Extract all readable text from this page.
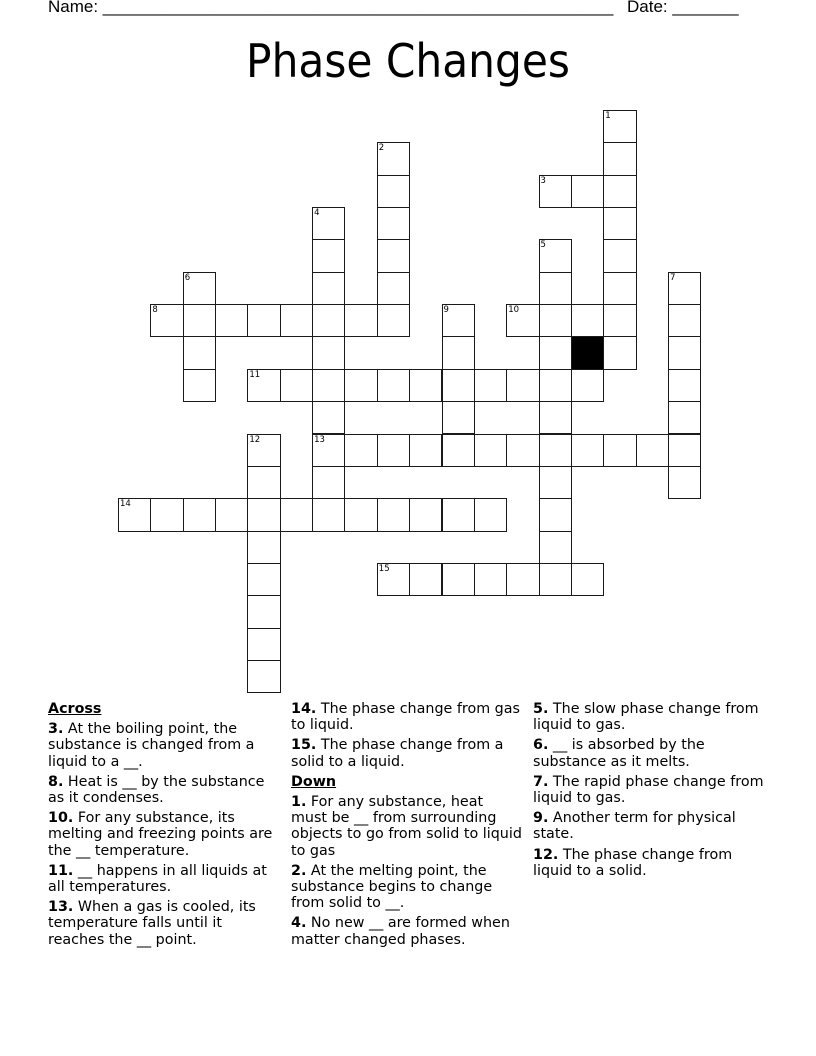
Name: ______________________________________________________

Date: _______

Phase Changes
1
2
3
4
13
5
6	7
8	9	10
11
12
14
15
Across
3. At the boiling point, the substance is changed from a liquid to a __.
8. Heat is __ by the substance as it condenses.
10. For any substance, its melting and freezing points are the __ temperature.
11. __ happens in all liquids at all temperatures.
13. When a gas is cooled, its temperature falls until it reaches the __ point.
14. The phase change from gas to liquid.
15. The phase change from a solid to a liquid.
Down
1. For any substance, heat must be __ from surrounding objects to go from solid to liquid to gas
2. At the melting point, the substance begins to change from solid to __.
4. No new __ are formed when matter changed phases.
5. The slow phase change from liquid to gas.
6. __ is absorbed by the substance as it melts.
7. The rapid phase change from liquid to gas.
9. Another term for physical state.
12. The phase change from liquid to a solid.
